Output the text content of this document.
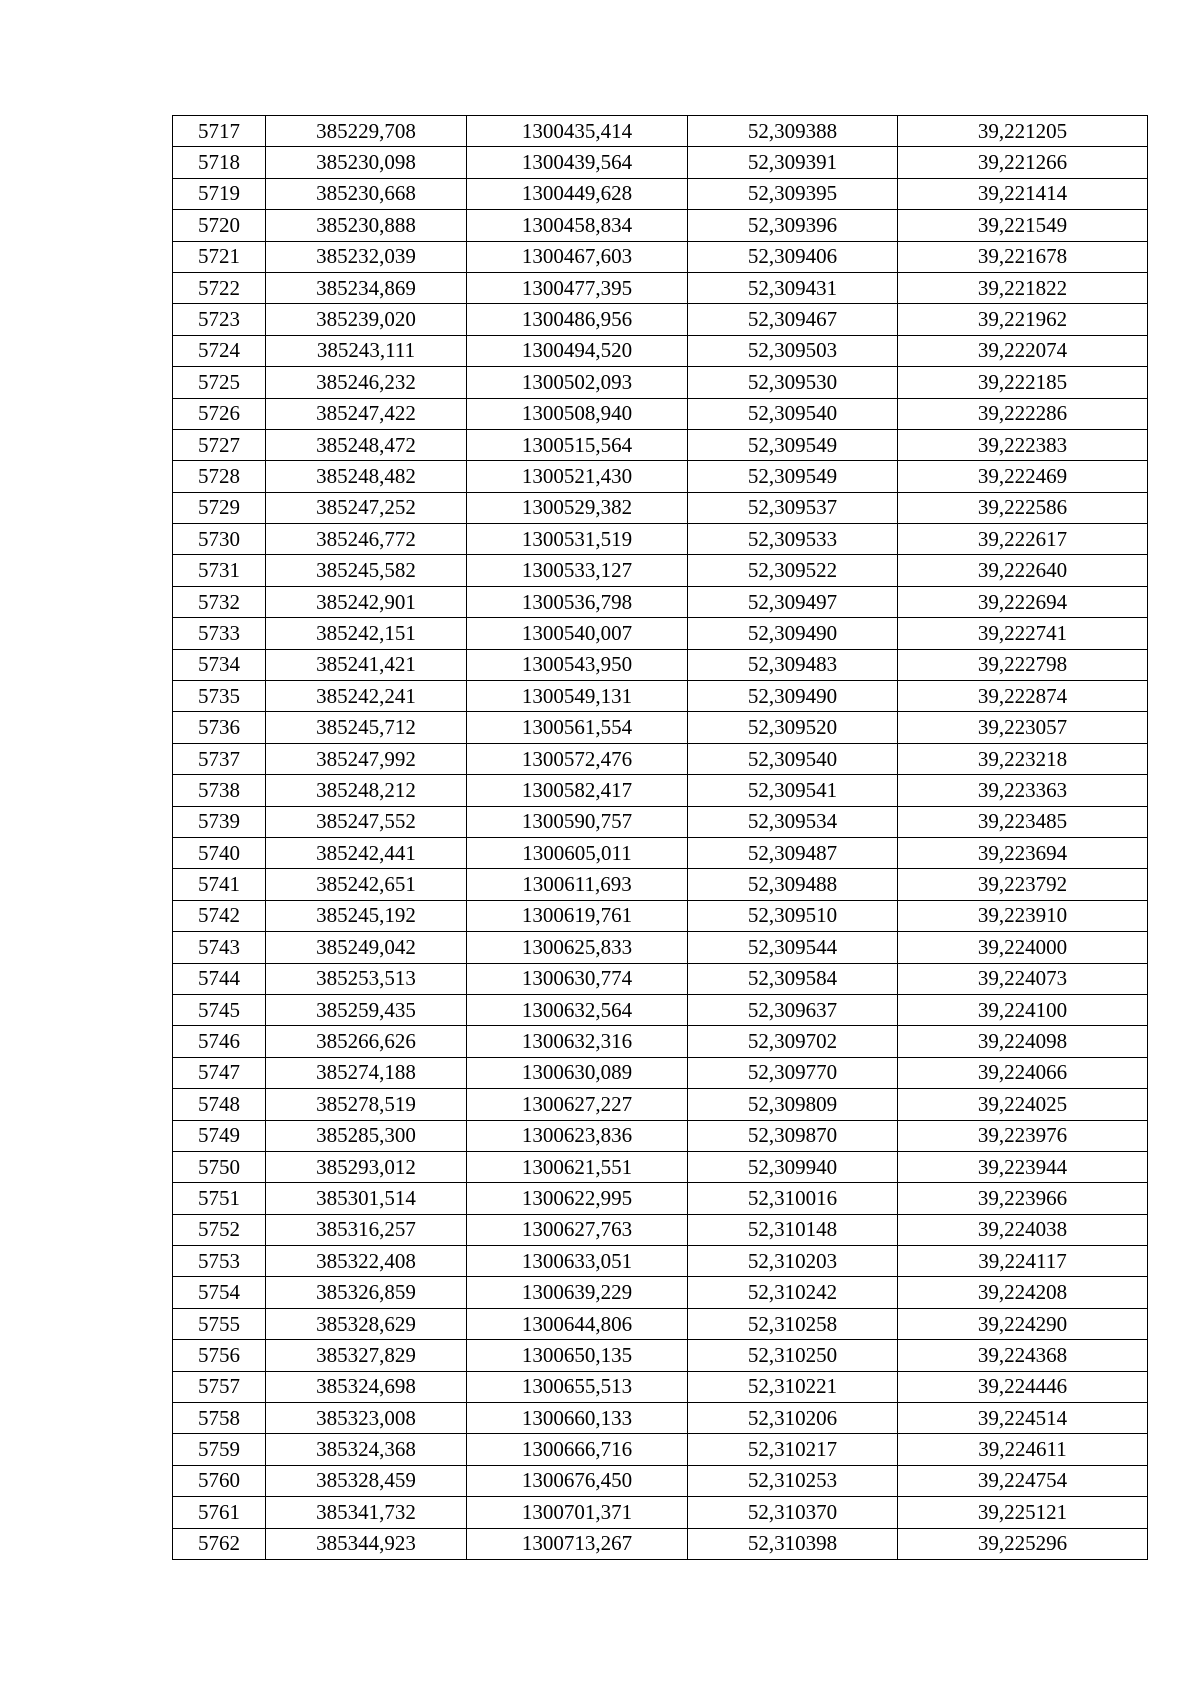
5717	385229,708	1300435,414	52,309388	39,221205
5718	385230,098	1300439,564	52,309391	39,221266
5719	385230,668	1300449,628	52,309395	39,221414
5720	385230,888	1300458,834	52,309396	39,221549
5721	385232,039	1300467,603	52,309406	39,221678
5722	385234,869	1300477,395	52,309431	39,221822
5723	385239,020	1300486,956	52,309467	39,221962
5724	385243,111	1300494,520	52,309503	39,222074
5725	385246,232	1300502,093	52,309530	39,222185
5726	385247,422	1300508,940	52,309540	39,222286
5727	385248,472	1300515,564	52,309549	39,222383
5728	385248,482	1300521,430	52,309549	39,222469
5729	385247,252	1300529,382	52,309537	39,222586
5730	385246,772	1300531,519	52,309533	39,222617
5731	385245,582	1300533,127	52,309522	39,222640
5732	385242,901	1300536,798	52,309497	39,222694
5733	385242,151	1300540,007	52,309490	39,222741
5734	385241,421	1300543,950	52,309483	39,222798
5735	385242,241	1300549,131	52,309490	39,222874
5736	385245,712	1300561,554	52,309520	39,223057
5737	385247,992	1300572,476	52,309540	39,223218
5738	385248,212	1300582,417	52,309541	39,223363
5739	385247,552	1300590,757	52,309534	39,223485
5740	385242,441	1300605,011	52,309487	39,223694
5741	385242,651	1300611,693	52,309488	39,223792
5742	385245,192	1300619,761	52,309510	39,223910
5743	385249,042	1300625,833	52,309544	39,224000
5744	385253,513	1300630,774	52,309584	39,224073
5745	385259,435	1300632,564	52,309637	39,224100
5746	385266,626	1300632,316	52,309702	39,224098
5747	385274,188	1300630,089	52,309770	39,224066
5748	385278,519	1300627,227	52,309809	39,224025
5749	385285,300	1300623,836	52,309870	39,223976
5750	385293,012	1300621,551	52,309940	39,223944
5751	385301,514	1300622,995	52,310016	39,223966
5752	385316,257	1300627,763	52,310148	39,224038
5753	385322,408	1300633,051	52,310203	39,224117
5754	385326,859	1300639,229	52,310242	39,224208
5755	385328,629	1300644,806	52,310258	39,224290
5756	385327,829	1300650,135	52,310250	39,224368
5757	385324,698	1300655,513	52,310221	39,224446
5758	385323,008	1300660,133	52,310206	39,224514
5759	385324,368	1300666,716	52,310217	39,224611
5760	385328,459	1300676,450	52,310253	39,224754
5761	385341,732	1300701,371	52,310370	39,225121
5762	385344,923	1300713,267	52,310398	39,225296
